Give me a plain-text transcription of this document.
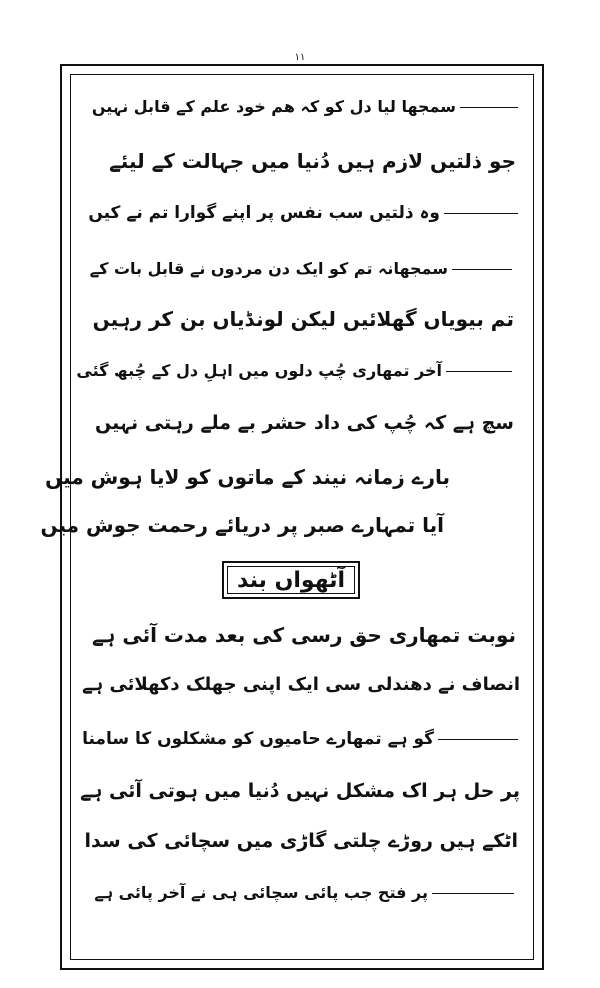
۱۱
سمجھا لیا دل کو کہ ھم خود علم کے قابل نہیں
جو ذلتیں لازم ہیں دُنیا میں جہالت کے لیئے
وہ ذلتیں سب نفس پر اپنے گوارا تم نے کیں
سمجھانہ تم کو ایک دن مردوں نے قابل بات کے
تم بیویاں گھلائیں لیکن لونڈیاں بن کر رہیں
آخر تمھاری چُپ دلوں میں اہلِ دل کے چُبھ گئی
سچ ہے کہ چُپ کی داد حشر بے ملے رہتی نہیں
بارے زمانہ نیند کے ماتوں کو لایا ہوش میں
آیا تمہارے صبر پر دریائے رحمت جوش میں
آٹھواں بند
نوبت تمھاری حق رسی کی بعد مدت آئی ہے
انصاف نے دھندلی سی ایک اپنی جھلک دکھلائی ہے
گو ہے تمھارے حامیوں کو مشکلوں کا سامنا
پر حل ہر اک مشکل نہیں دُنیا میں ہوتی آئی ہے
اٹکے ہیں روڑے چلتی گاڑی میں سچائی کی سدا
پر فتح جب پائی سچائی ہی نے آخر پائی ہے
